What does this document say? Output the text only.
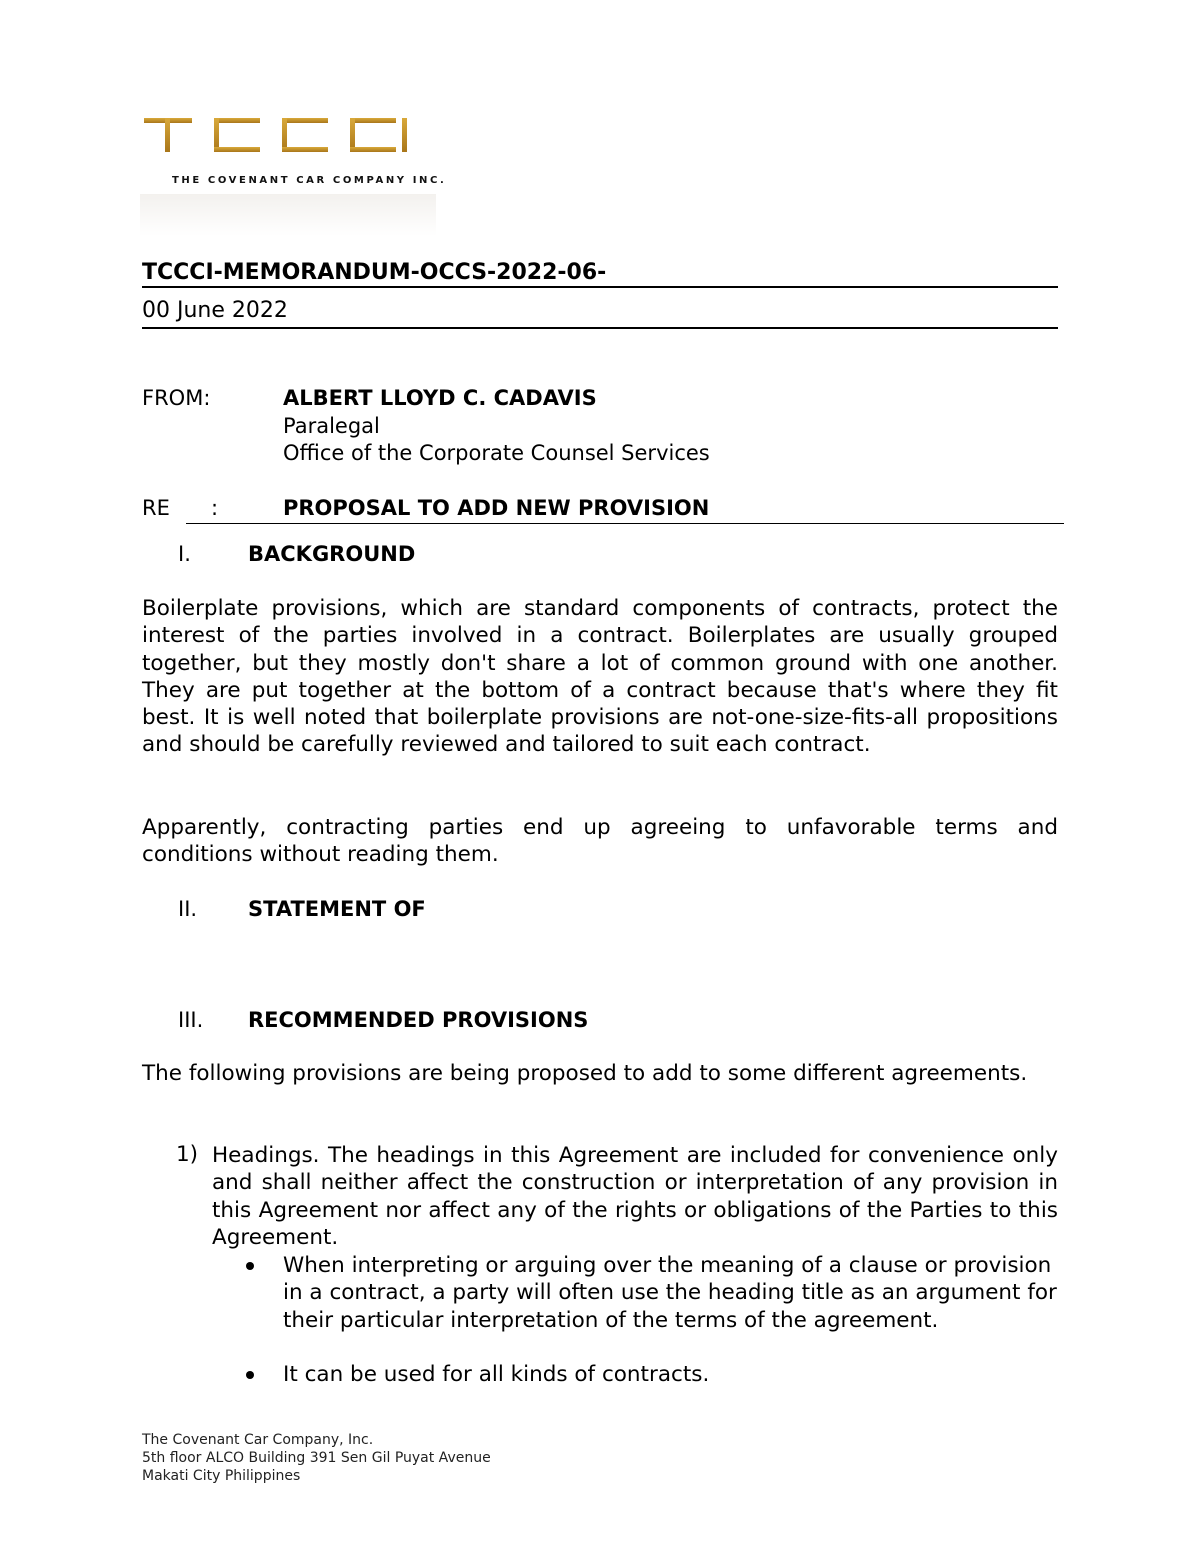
THE COVENANT CAR COMPANY INC.
TCCCI-MEMORANDUM-OCCS-2022-06-
00 June 2022
FROM:	ALBERT LLOYD C. CADAVIS
Paralegal
Office of the Corporate Counsel Services
RE :	PROPOSAL TO ADD NEW PROVISION
I.	BACKGROUND

Boilerplate provisions, which are standard components of contracts, protect the interest of the parties involved in a contract. Boilerplates are usually grouped together, but they mostly don't share a lot of common ground with one another. They are put together at the bottom of a contract because that's where they fit best. It is well noted that boilerplate provisions are not-one-size-fits-all propositions and should be carefully reviewed and tailored to suit each contract.

Apparently, contracting parties end up agreeing to unfavorable terms and conditions without reading them.

II. STATEMENT OF
III. RECOMMENDED PROVISIONS

The following provisions are being proposed to add to some different agreements.

1) Headings. The headings in this Agreement are included for convenience only and shall neither affect the construction or interpretation of any provision in this Agreement nor affect any of the rights or obligations of the Parties to this Agreement.

When interpreting or arguing over the meaning of a clause or provision in a contract, a party will often use the heading title as an argument for their particular interpretation of the terms of the agreement.

It can be used for all kinds of contracts.

The Covenant Car Company, Inc.
5th floor ALCO Building 391 Sen Gil Puyat Avenue
Makati City Philippines
